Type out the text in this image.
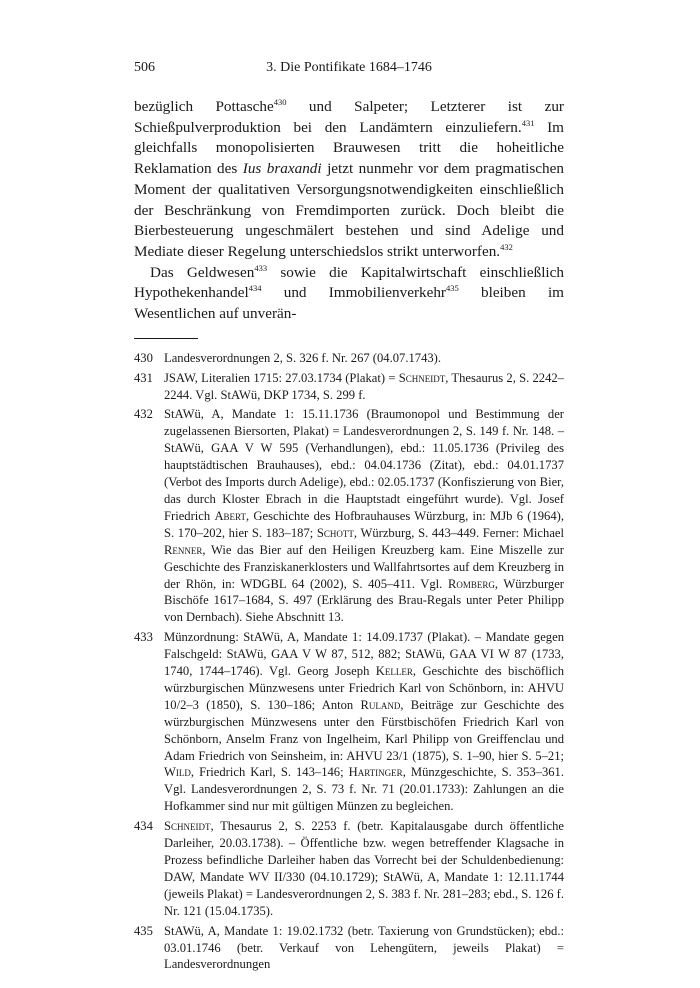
506	3. Die Pontifikate 1684–1746

bezüglich Pottasche$^{430}$ und Salpeter; Letzterer ist zur Schießpulverproduktion bei den Landämtern einzuliefern.$^{431}$ Im gleichfalls monopolisierten Brauwesen tritt die hoheitliche Reklamation des Ius braxandi jetzt nunmehr vor dem pragmatischen Moment der qualitativen Versorgungsnotwendigkeiten einschließlich der Beschränkung von Fremdimporten zurück. Doch bleibt die Bierbesteuerung ungeschmälert bestehen und sind Adelige und Mediate dieser Regelung unterschiedslos strikt unterworfen.$^{432}$

Das Geldwesen$^{433}$ sowie die Kapitalwirtschaft einschließlich Hypothekenhandel$^{434}$ und Immobilienverkehr$^{435}$ bleiben im Wesentlichen auf unverän-

430 Landesverordnungen 2, S. 326 f. Nr. 267 (04.07.1743).
431 JSAW, Literalien 1715: 27.03.1734 (Plakat) = Schneidt, Thesaurus 2, S. 2242–2244. Vgl. StAWü, DKP 1734, S. 299 f.
432 StAWü, A, Mandate 1: 15.11.1736 (Braumonopol und Bestimmung der zugelassenen Biersorten, Plakat) = Landesverordnungen 2, S. 149 f. Nr. 148. – StAWü, GAA V W 595 (Verhandlungen), ebd.: 11.05.1736 (Privileg des hauptstädtischen Brauhauses), ebd.: 04.04.1736 (Zitat), ebd.: 04.01.1737 (Verbot des Imports durch Adelige), ebd.: 02.05.1737 (Konfiszierung von Bier, das durch Kloster Ebrach in die Hauptstadt eingeführt wurde). Vgl. Josef Friedrich Abert, Geschichte des Hofbrauhauses Würzburg, in: MJb 6 (1964), S. 170–202, hier S. 183–187; Schott, Würzburg, S. 443–449. Ferner: Michael Renner, Wie das Bier auf den Heiligen Kreuzberg kam. Eine Miszelle zur Geschichte des Franziskanerklosters und Wallfahrtsortes auf dem Kreuzberg in der Rhön, in: WDGBL 64 (2002), S. 405–411. Vgl. Romberg, Würzburger Bischöfe 1617–1684, S. 497 (Erklärung des Brau-Regals unter Peter Philipp von Dernbach). Siehe Abschnitt 13.
433 Münzordnung: StAWü, A, Mandate 1: 14.09.1737 (Plakat). – Mandate gegen Falschgeld: StAWü, GAA V W 87, 512, 882; StAWü, GAA VI W 87 (1733, 1740, 1744–1746). Vgl. Georg Joseph Keller, Geschichte des bischöflich würzburgischen Münzwesens unter Friedrich Karl von Schönborn, in: AHVU 10/2–3 (1850), S. 130–186; Anton Ruland, Beiträge zur Geschichte des würzburgischen Münzwesens unter den Fürstbischöfen Friedrich Karl von Schönborn, Anselm Franz von Ingelheim, Karl Philipp von Greiffenclau und Adam Friedrich von Seinsheim, in: AHVU 23/1 (1875), S. 1–90, hier S. 5–21; Wild, Friedrich Karl, S. 143–146; Hartinger, Münzgeschichte, S. 353–361. Vgl. Landesverordnungen 2, S. 73 f. Nr. 71 (20.01.1733): Zahlungen an die Hofkammer sind nur mit gültigen Münzen zu begleichen.
434 Schneidt, Thesaurus 2, S. 2253 f. (betr. Kapitalausgabe durch öffentliche Darleiher, 20.03.1738). – Öffentliche bzw. wegen betreffender Klagsache in Prozess befindliche Darleiher haben das Vorrecht bei der Schuldenbedienung: DAW, Mandate WV II/330 (04.10.1729); StAWü, A, Mandate 1: 12.11.1744 (jeweils Plakat) = Landesverordnungen 2, S. 383 f. Nr. 281–283; ebd., S. 126 f. Nr. 121 (15.04.1735).
435 StAWü, A, Mandate 1: 19.02.1732 (betr. Taxierung von Grundstücken); ebd.: 03.01.1746 (betr. Verkauf von Lehengütern, jeweils Plakat) = Landesverordnungen
